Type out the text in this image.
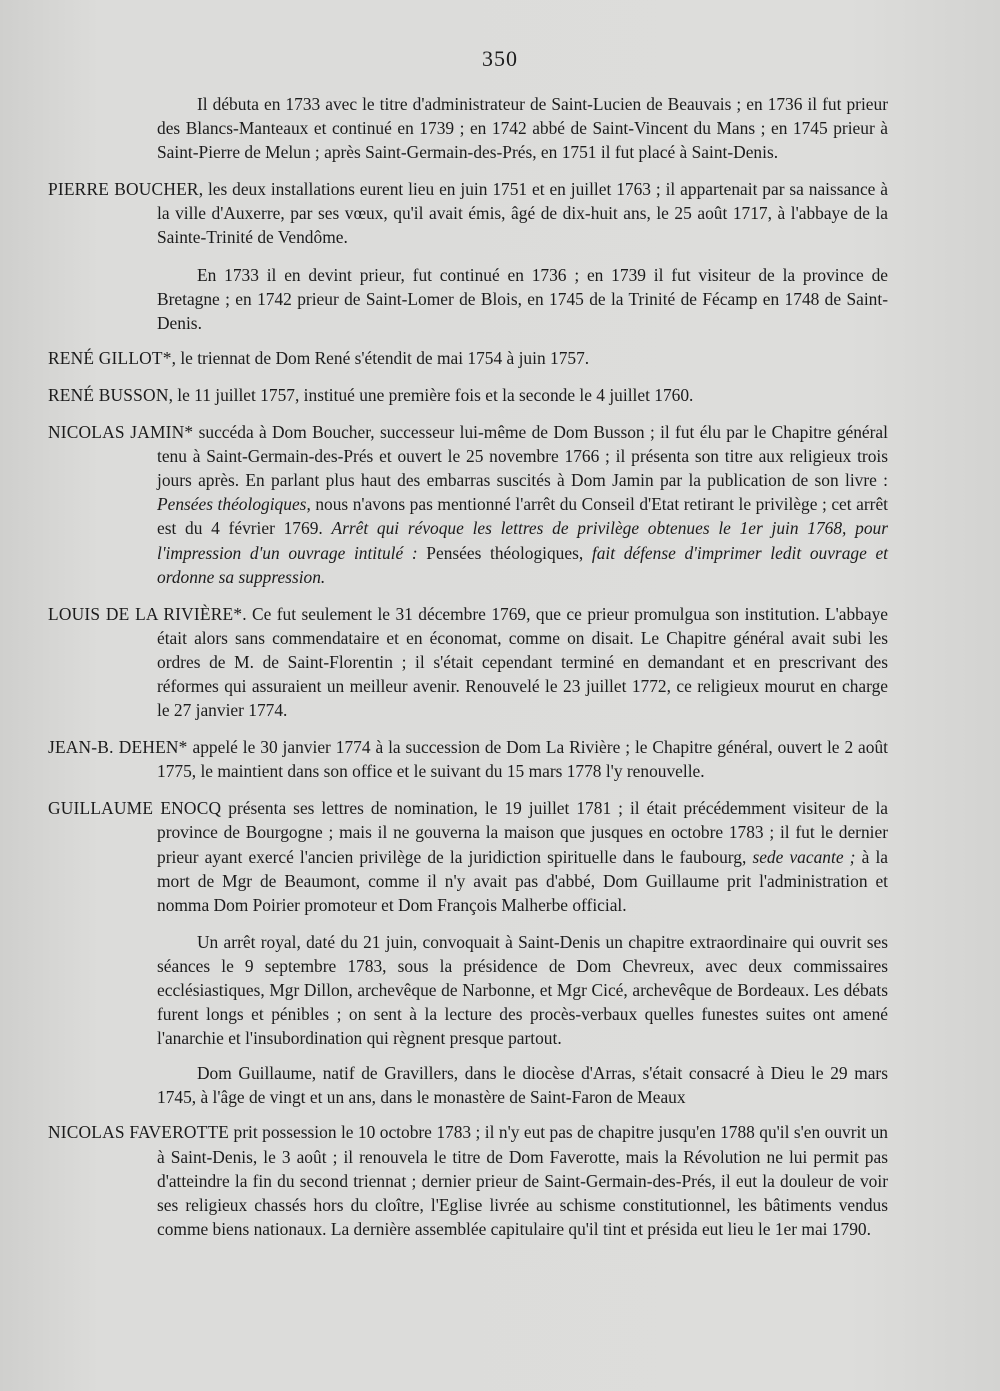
350

Il débuta en 1733 avec le titre d'administrateur de Saint-Lucien de Beauvais ; en 1736 il fut prieur des Blancs-Manteaux et continué en 1739 ; en 1742 abbé de Saint-Vincent du Mans ; en 1745 prieur à Saint-Pierre de Melun ; après Saint-Germain-des-Prés, en 1751 il fut placé à Saint-Denis.

PIERRE BOUCHER, les deux installations eurent lieu en juin 1751 et en juillet 1763 ; il appartenait par sa naissance à la ville d'Auxerre, par ses vœux, qu'il avait émis, âgé de dix-huit ans, le 25 août 1717, à l'abbaye de la Sainte-Trinité de Vendôme.

En 1733 il en devint prieur, fut continué en 1736 ; en 1739 il fut visiteur de la province de Bretagne ; en 1742 prieur de Saint-Lomer de Blois, en 1745 de la Trinité de Fécamp en 1748 de Saint-Denis.

RENÉ GILLOT*, le triennat de Dom René s'étendit de mai 1754 à juin 1757.

RENÉ BUSSON, le 11 juillet 1757, institué une première fois et la seconde le 4 juillet 1760.

NICOLAS JAMIN* succéda à Dom Boucher, successeur lui-même de Dom Busson ; il fut élu par le Chapitre général tenu à Saint-Germain-des-Prés et ouvert le 25 novembre 1766 ; il présenta son titre aux religieux trois jours après. En parlant plus haut des embarras suscités à Dom Jamin par la publication de son livre : Pensées théologiques, nous n'avons pas mentionné l'arrêt du Conseil d'Etat retirant le privilège ; cet arrêt est du 4 février 1769. Arrêt qui révoque les lettres de privilège obtenues le 1er juin 1768, pour l'impression d'un ouvrage intitulé : Pensées théologiques, fait défense d'imprimer ledit ouvrage et ordonne sa suppression.

LOUIS DE LA RIVIÈRE*. Ce fut seulement le 31 décembre 1769, que ce prieur promulgua son institution. L'abbaye était alors sans commendataire et en économat, comme on disait. Le Chapitre général avait subi les ordres de M. de Saint-Florentin ; il s'était cependant terminé en demandant et en prescrivant des réformes qui assuraient un meilleur avenir. Renouvelé le 23 juillet 1772, ce religieux mourut en charge le 27 janvier 1774.

JEAN-B. DEHEN* appelé le 30 janvier 1774 à la succession de Dom La Rivière ; le Chapitre général, ouvert le 2 août 1775, le maintient dans son office et le suivant du 15 mars 1778 l'y renouvelle.

GUILLAUME ENOCQ présenta ses lettres de nomination, le 19 juillet 1781 ; il était précédemment visiteur de la province de Bourgogne ; mais il ne gouverna la maison que jusques en octobre 1783 ; il fut le dernier prieur ayant exercé l'ancien privilège de la juridiction spirituelle dans le faubourg, sede vacante ; à la mort de Mgr de Beaumont, comme il n'y avait pas d'abbé, Dom Guillaume prit l'administration et nomma Dom Poirier promoteur et Dom François Malherbe official.

Un arrêt royal, daté du 21 juin, convoquait à Saint-Denis un chapitre extraordinaire qui ouvrit ses séances le 9 septembre 1783, sous la présidence de Dom Chevreux, avec deux commissaires ecclésiastiques, Mgr Dillon, archevêque de Narbonne, et Mgr Cicé, archevêque de Bordeaux. Les débats furent longs et pénibles ; on sent à la lecture des procès-verbaux quelles funestes suites ont amené l'anarchie et l'insubordination qui règnent presque partout.

Dom Guillaume, natif de Gravillers, dans le diocèse d'Arras, s'était consacré à Dieu le 29 mars 1745, à l'âge de vingt et un ans, dans le monastère de Saint-Faron de Meaux

NICOLAS FAVEROTTE prit possession le 10 octobre 1783 ; il n'y eut pas de chapitre jusqu'en 1788 qu'il s'en ouvrit un à Saint-Denis, le 3 août ; il renouvela le titre de Dom Faverotte, mais la Révolution ne lui permit pas d'atteindre la fin du second triennat ; dernier prieur de Saint-Germain-des-Prés, il eut la douleur de voir ses religieux chassés hors du cloître, l'Eglise livrée au schisme constitutionnel, les bâtiments vendus comme biens nationaux. La dernière assemblée capitulaire qu'il tint et présida eut lieu le 1er mai 1790.
